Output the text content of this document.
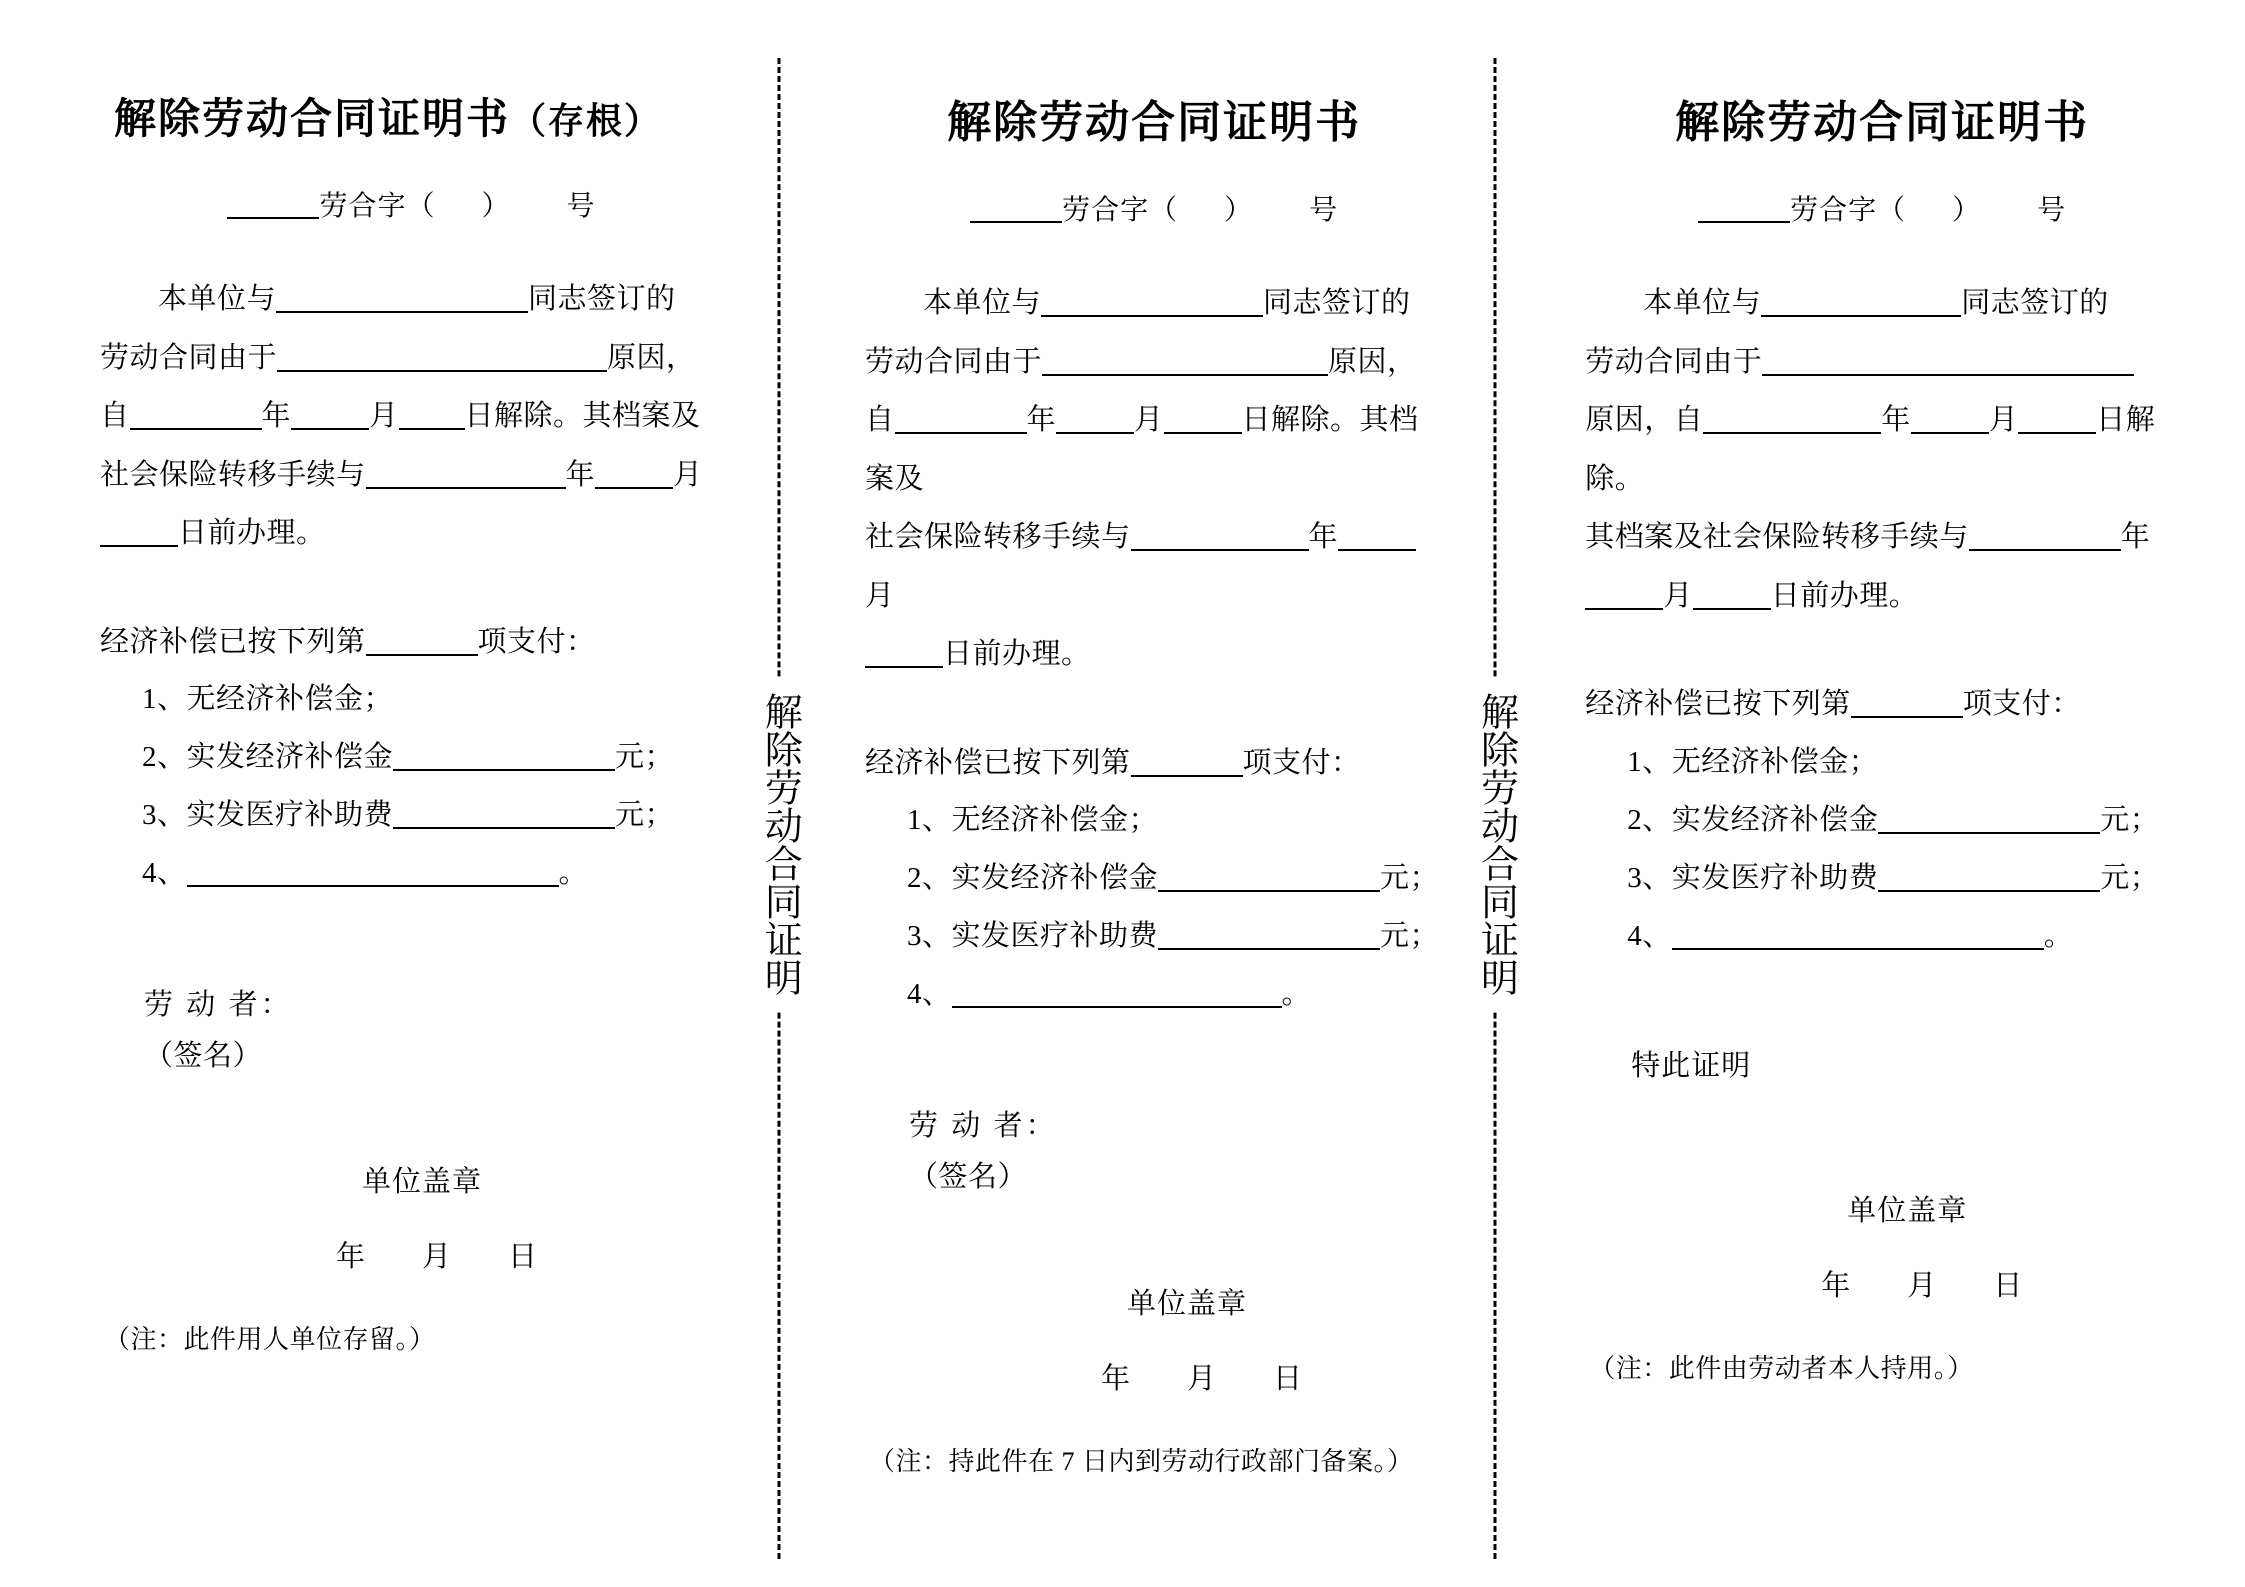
解除劳动合同证明书（存根）
劳合字（ ） 号
本单位与	同志签订的
劳动合同由于	原因，
自	年	月 日解除。其档案及
社会保险转移手续与	年	月
日前办理。
经济补偿已按下列第	项支付：
1、无经济补偿金；
2、实发经济补偿金	元；
3、实发医疗补助费	元；
4、	。
劳 动 者：
（签名）
单位盖章
年 月 日
（注：此件用人单位存留。）
解除劳动合同证明
解除劳动合同证明书
劳合字（ ） 号
本单位与	同志签订的
劳动合同由于	原因，
自	年	月	日解除。其档案及
社会保险转移手续与	年月
日前办理。
经济补偿已按下列第	项支付：
1、无经济补偿金；
2、实发经济补偿金	元；
3、实发医疗补助费	元；
4、	。
劳 动 者：
（签名）
单位盖章
年 月 日
（注：持此件在 7 日内到劳动行政部门备案。）
解除劳动合同证明
解除劳动合同证明书
劳合字（ ） 号
本单位与	同志签订的
劳动合同由于
原因，自	年	月	日解除。
其档案及社会保险转移手续与	年
月	日前办理。
经济补偿已按下列第	项支付：
1、无经济补偿金；
2、实发经济补偿金	元；
3、实发医疗补助费	元；
4、	。
特此证明
单位盖章
年 月 日
（注：此件由劳动者本人持用。）
